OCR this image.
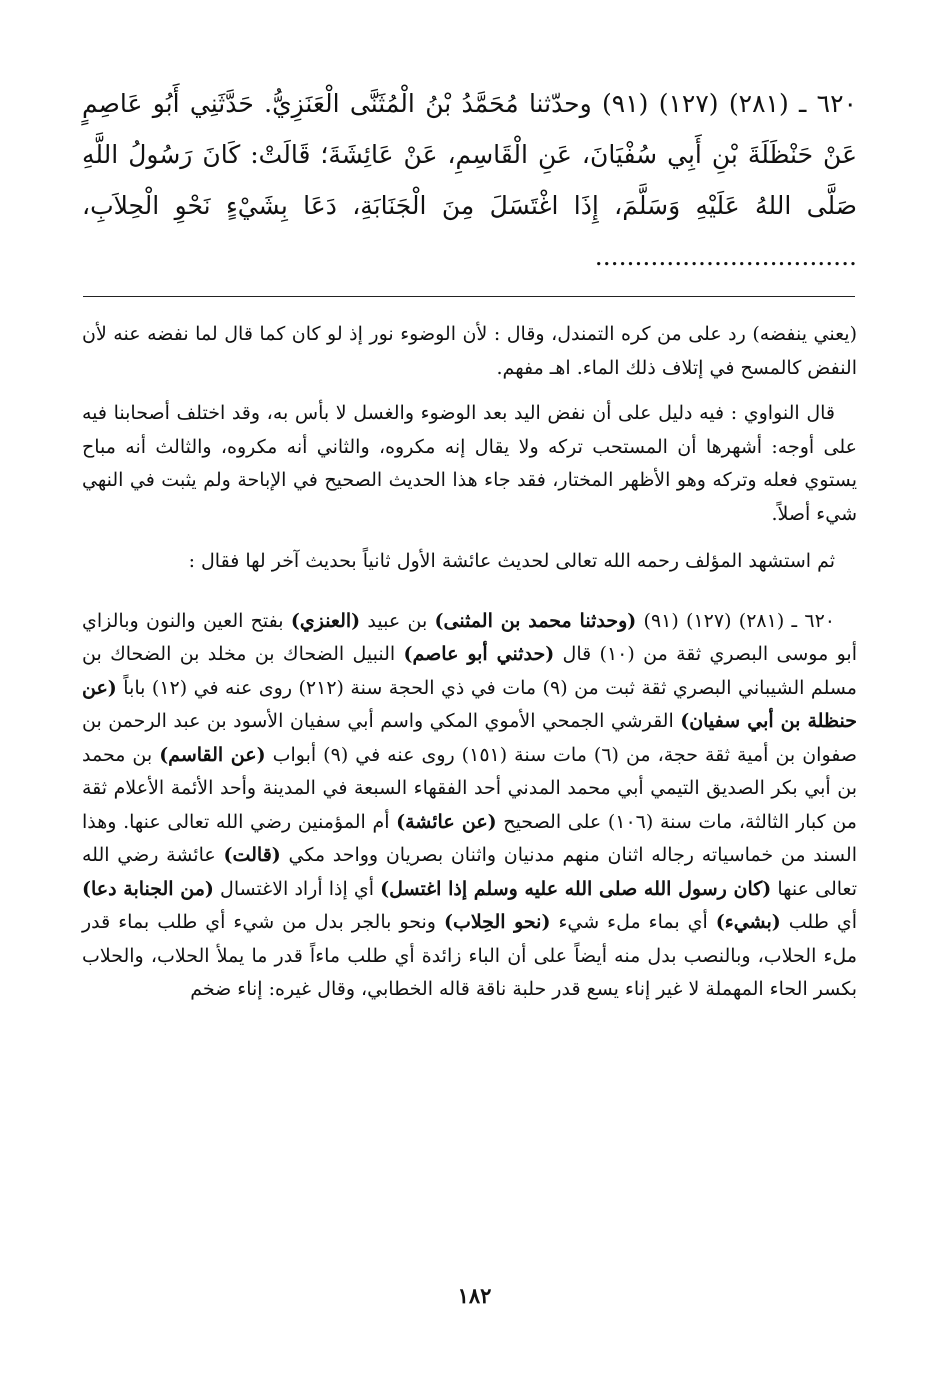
٦٢٠ ـ (٢٨١) (١٢٧) (٩١) وحدّثنا مُحَمَّدُ بْنُ الْمُثَنَّى الْعَنَزِيُّ. حَدَّثَنِي أَبُو عَاصِمٍ عَنْ حَنْظَلَةَ بْنِ أَبِي سُفْيَانَ، عَنِ الْقَاسِمِ، عَنْ عَائِشَةَ؛ قَالَتْ: كَانَ رَسُولُ اللَّهِ صَلَّى اللهُ عَلَيْهِ وَسَلَّمَ، إِذَا اغْتَسَلَ مِنَ الْجَنَابَةِ، دَعَا بِشَيْءٍ نَحْوِ الْحِلاَبِ، .................................

(يعني ينفضه) رد على من كره التمندل، وقال : لأن الوضوء نور إذ لو كان كما قال لما نفضه عنه لأن النفض كالمسح في إتلاف ذلك الماء. اهـ مفهم.

قال النواوي : فيه دليل على أن نفض اليد بعد الوضوء والغسل لا بأس به، وقد اختلف أصحابنا فيه على أوجه: أشهرها أن المستحب تركه ولا يقال إنه مكروه، والثاني أنه مكروه، والثالث أنه مباح يستوي فعله وتركه وهو الأظهر المختار، فقد جاء هذا الحديث الصحيح في الإباحة ولم يثبت في النهي شيء أصلاً.

ثم استشهد المؤلف رحمه الله تعالى لحديث عائشة الأول ثانياً بحديث آخر لها فقال :

٦٢٠ ـ (٢٨١) (١٢٧) (٩١) (وحدثنا محمد بن المثنى) بن عبيد (العنزي) بفتح العين والنون وبالزاي أبو موسى البصري ثقة من (١٠) قال (حدثني أبو عاصم) النبيل الضحاك بن مخلد بن الضحاك بن مسلم الشيباني البصري ثقة ثبت من (٩) مات في ذي الحجة سنة (٢١٢) روى عنه في (١٢) باباً (عن حنظلة بن أبي سفيان) القرشي الجمحي الأموي المكي واسم أبي سفيان الأسود بن عبد الرحمن بن صفوان بن أمية ثقة حجة، من (٦) مات سنة (١٥١) روى عنه في (٩) أبواب (عن القاسم) بن محمد بن أبي بكر الصديق التيمي أبي محمد المدني أحد الفقهاء السبعة في المدينة وأحد الأئمة الأعلام ثقة من كبار الثالثة، مات سنة (١٠٦) على الصحيح (عن عائشة) أم المؤمنين رضي الله تعالى عنها. وهذا السند من خماسياته رجاله اثنان منهم مدنيان واثنان بصريان وواحد مكي (قالت) عائشة رضي الله تعالى عنها (كان رسول الله صلى الله عليه وسلم إذا اغتسل) أي إذا أراد الاغتسال (من الجنابة دعا) أي طلب (بشيء) أي بماء ملء شيء (نحو الحِلاب) ونحو بالجر بدل من شيء أي طلب بماء قدر ملء الحلاب، وبالنصب بدل منه أيضاً على أن الباء زائدة أي طلب ماءاً قدر ما يملأ الحلاب، والحلاب بكسر الحاء المهملة لا غير إناء يسع قدر حلبة ناقة قاله الخطابي، وقال غيره: إناء ضخم

١٨٢
